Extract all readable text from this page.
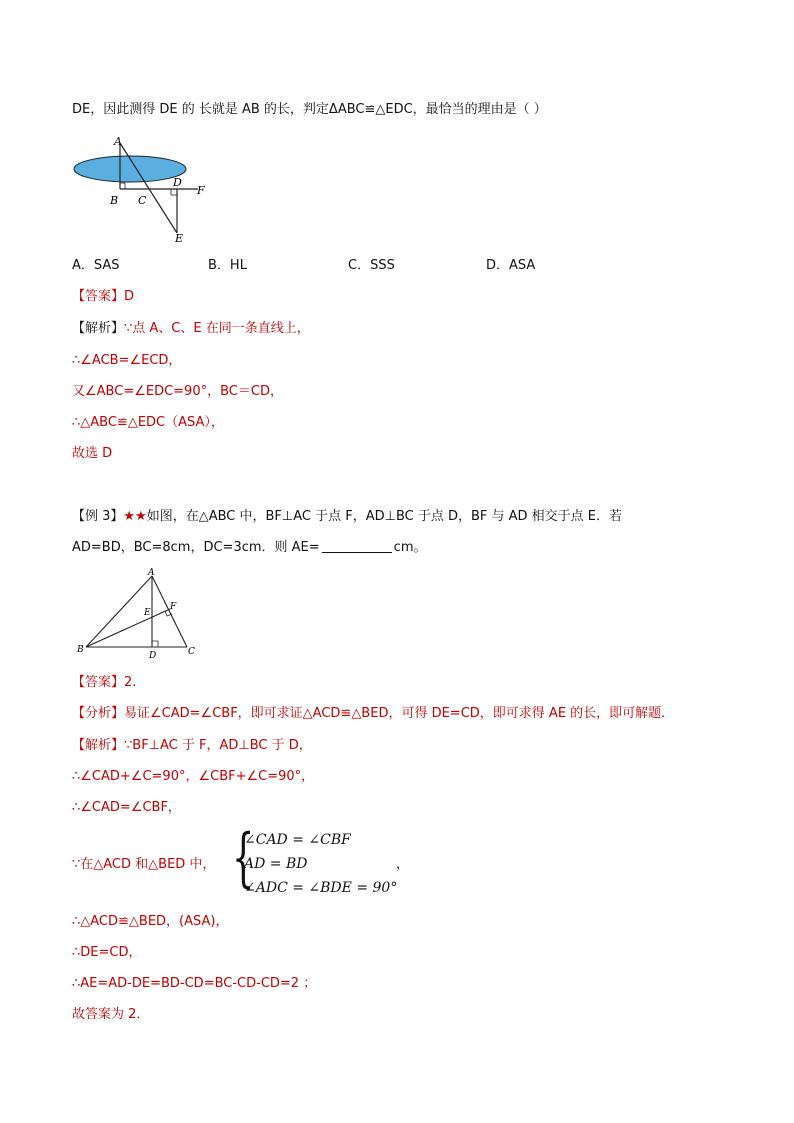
DE，因此测得 DE 的 长就是 AB 的长，判定ΔABC≌△EDC，最恰当的理由是（ ）
A
B C
D
F
E
A．SAS	B．HL	C．SSS	D．ASA
【答案】D
【解析】∵点 A、C、E 在同一条直线上，
∴∠ACB=∠ECD，
又∠ABC=∠EDC=90°，BC＝CD，
∴△ABC≌△EDC（ASA），
故选 D
【例 3】★★如图，在△ABC 中，BF⊥AC 于点 F，AD⊥BC 于点 D，BF 与 AD 相交于点 E．若
AD=BD，BC=8cm，DC=3cm．则 AE=	cm。
A
B	C
D
E
F
【答案】2.
【分析】易证∠CAD=∠CBF，即可求证△ACD≌△BED，可得 DE=CD，即可求得 AE 的长，即可解题．
【解析】∵BF⊥AC 于 F，AD⊥BC 于 D，
∴∠CAD+∠C=90°，∠CBF+∠C=90°，
∴∠CAD=∠CBF，
∵在△ACD 和△BED 中， {
∠CAD = ∠CBF
AD = BD
∠ADC = ∠BDE = 90°
，
∴△ACD≌△BED，(ASA)，
∴DE=CD，
∴AE=AD-DE=BD-CD=BC-CD-CD=2 ；
故答案为 2．
